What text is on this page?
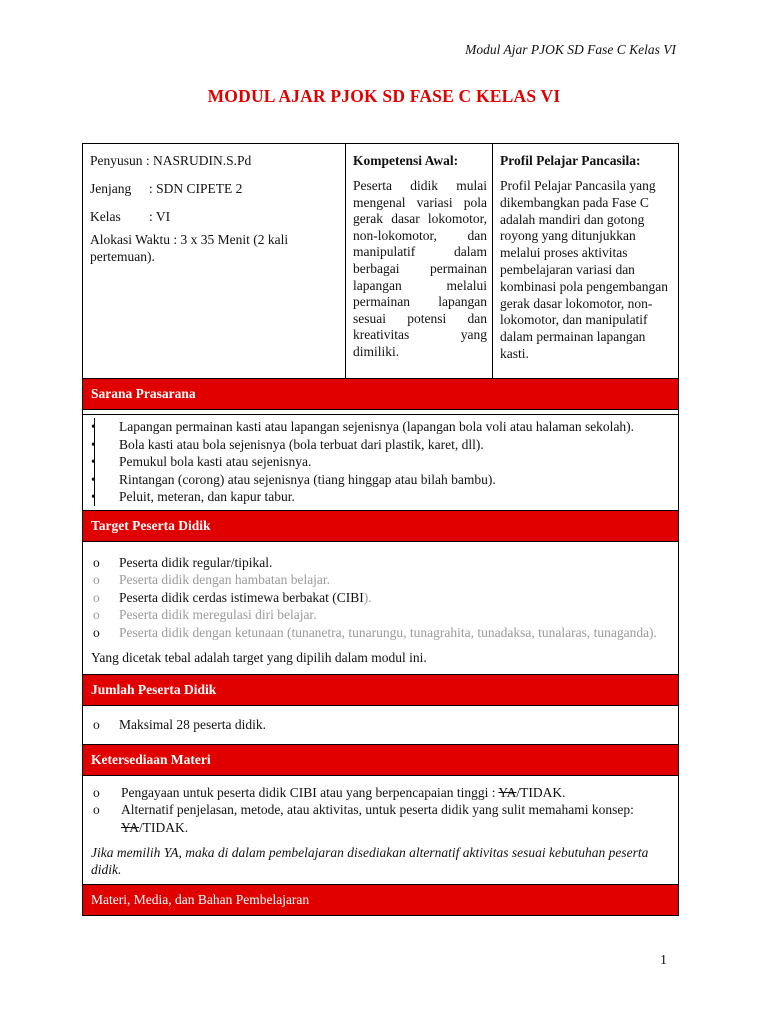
Modul Ajar PJOK SD Fase C Kelas VI
MODUL AJAR PJOK SD FASE C KELAS VI
Penyusun : NASRUDIN.S.Pd
Jenjang : SDN CIPETE 2
Kelas : VI
Alokasi Waktu : 3 x 35 Menit (2 kali pertemuan).
Kompetensi Awal:
Peserta didik mulai mengenal variasi pola gerak dasar lokomotor, non-lokomotor, dan manipulatif dalam berbagai permainan lapangan melalui permainan lapangan sesuai potensi dan kreativitas yang dimiliki.
Profil Pelajar Pancasila:
Profil Pelajar Pancasila yang dikembangkan pada Fase C adalah mandiri dan gotong royong yang ditunjukkan melalui proses aktivitas pembelajaran variasi dan kombinasi pola pengembangan gerak dasar lokomotor, non-lokomotor, dan manipulatif dalam permainan lapangan kasti.
Sarana Prasarana
• Lapangan permainan kasti atau lapangan sejenisnya (lapangan bola voli atau halaman sekolah).
• Bola kasti atau bola sejenisnya (bola terbuat dari plastik, karet, dll).
• Pemukul bola kasti atau sejenisnya.
• Rintangan (corong) atau sejenisnya (tiang hinggap atau bilah bambu).
• Peluit, meteran, dan kapur tabur.
Target Peserta Didik
o Peserta didik regular/tipikal.
o Peserta didik dengan hambatan belajar.
o Peserta didik cerdas istimewa berbakat (CIBI).
o Peserta didik meregulasi diri belajar.
o Peserta didik dengan ketunaan (tunanetra, tunarungu, tunagrahita, tunadaksa, tunalaras, tunaganda).
Yang dicetak tebal adalah target yang dipilih dalam modul ini.
Jumlah Peserta Didik
o Maksimal 28 peserta didik.
Ketersediaan Materi
o Pengayaan untuk peserta didik CIBI atau yang berpencapaian tinggi : YA/TIDAK.
o Alternatif penjelasan, metode, atau aktivitas, untuk peserta didik yang sulit memahami konsep: YA/TIDAK.
Jika memilih YA, maka di dalam pembelajaran disediakan alternatif aktivitas sesuai kebutuhan peserta didik.
Materi, Media, dan Bahan Pembelajaran
1
